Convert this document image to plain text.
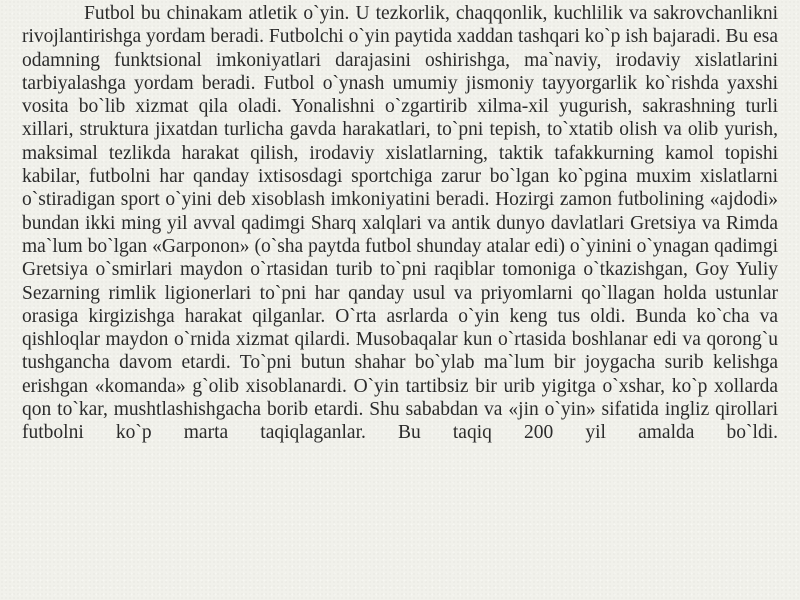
Futbol bu chinakam atletik o`yin. U tezkorlik, chaqqonlik, kuchlilik va sakrovchanlikni rivojlantirishga yordam beradi. Futbolchi o`yin paytida xaddan tashqari ko`p ish bajaradi. Bu esa odamning funktsional imkoniyatlari darajasini oshirishga, ma`naviy, irodaviy xislatlarini tarbiyalashga yordam beradi. Futbol o`ynash umumiy jismoniy tayyorgarlik ko`rishda yaxshi vosita bo`lib xizmat qila oladi. Yonalishni o`zgartirib xilma-xil yugurish, sakrashning turli xillari, struktura jixatdan turlicha gavda harakatlari, to`pni tepish, to`xtatib olish va olib yurish, maksimal tezlikda harakat qilish, irodaviy xislatlarning, taktik tafakkurning kamol topishi kabilar, futbolni har qanday ixtisosdagi sportchiga zarur bo`lgan ko`pgina muxim xislatlarni o`stiradigan sport o`yini deb xisoblash imkoniyatini beradi. Hozirgi zamon futbolining «ajdodi» bundan ikki ming yil avval qadimgi Sharq xalqlari va antik dunyo davlatlari Gretsiya va Rimda ma`lum bo`lgan «Garponon» (o`sha paytda futbol shunday atalar edi) o`yinini o`ynagan qadimgi Gretsiya o`smirlari maydon o`rtasidan turib to`pni raqiblar tomoniga o`tkazishgan, Goy Yuliy Sezarning rimlik ligionerlari to`pni har qanday usul va priyomlarni qo`llagan holda ustunlar orasiga kirgizishga harakat qilganlar. O`rta asrlarda o`yin keng tus oldi. Bunda ko`cha va qishloqlar maydon o`rnida xizmat qilardi. Musobaqalar kun o`rtasida boshlanar edi va qorong`u tushgancha davom etardi. To`pni butun shahar bo`ylab ma`lum bir joygacha surib kelishga erishgan «komanda» g`olib xisoblanardi. O`yin tartibsiz bir urib yigitga o`xshar, ko`p xollarda qon to`kar, mushtlashishgacha borib etardi. Shu sababdan va «jin o`yin» sifatida ingliz qirollari futbolni ko`p marta taqiqlaganlar. Bu taqiq 200 yil amalda bo`ldi.
